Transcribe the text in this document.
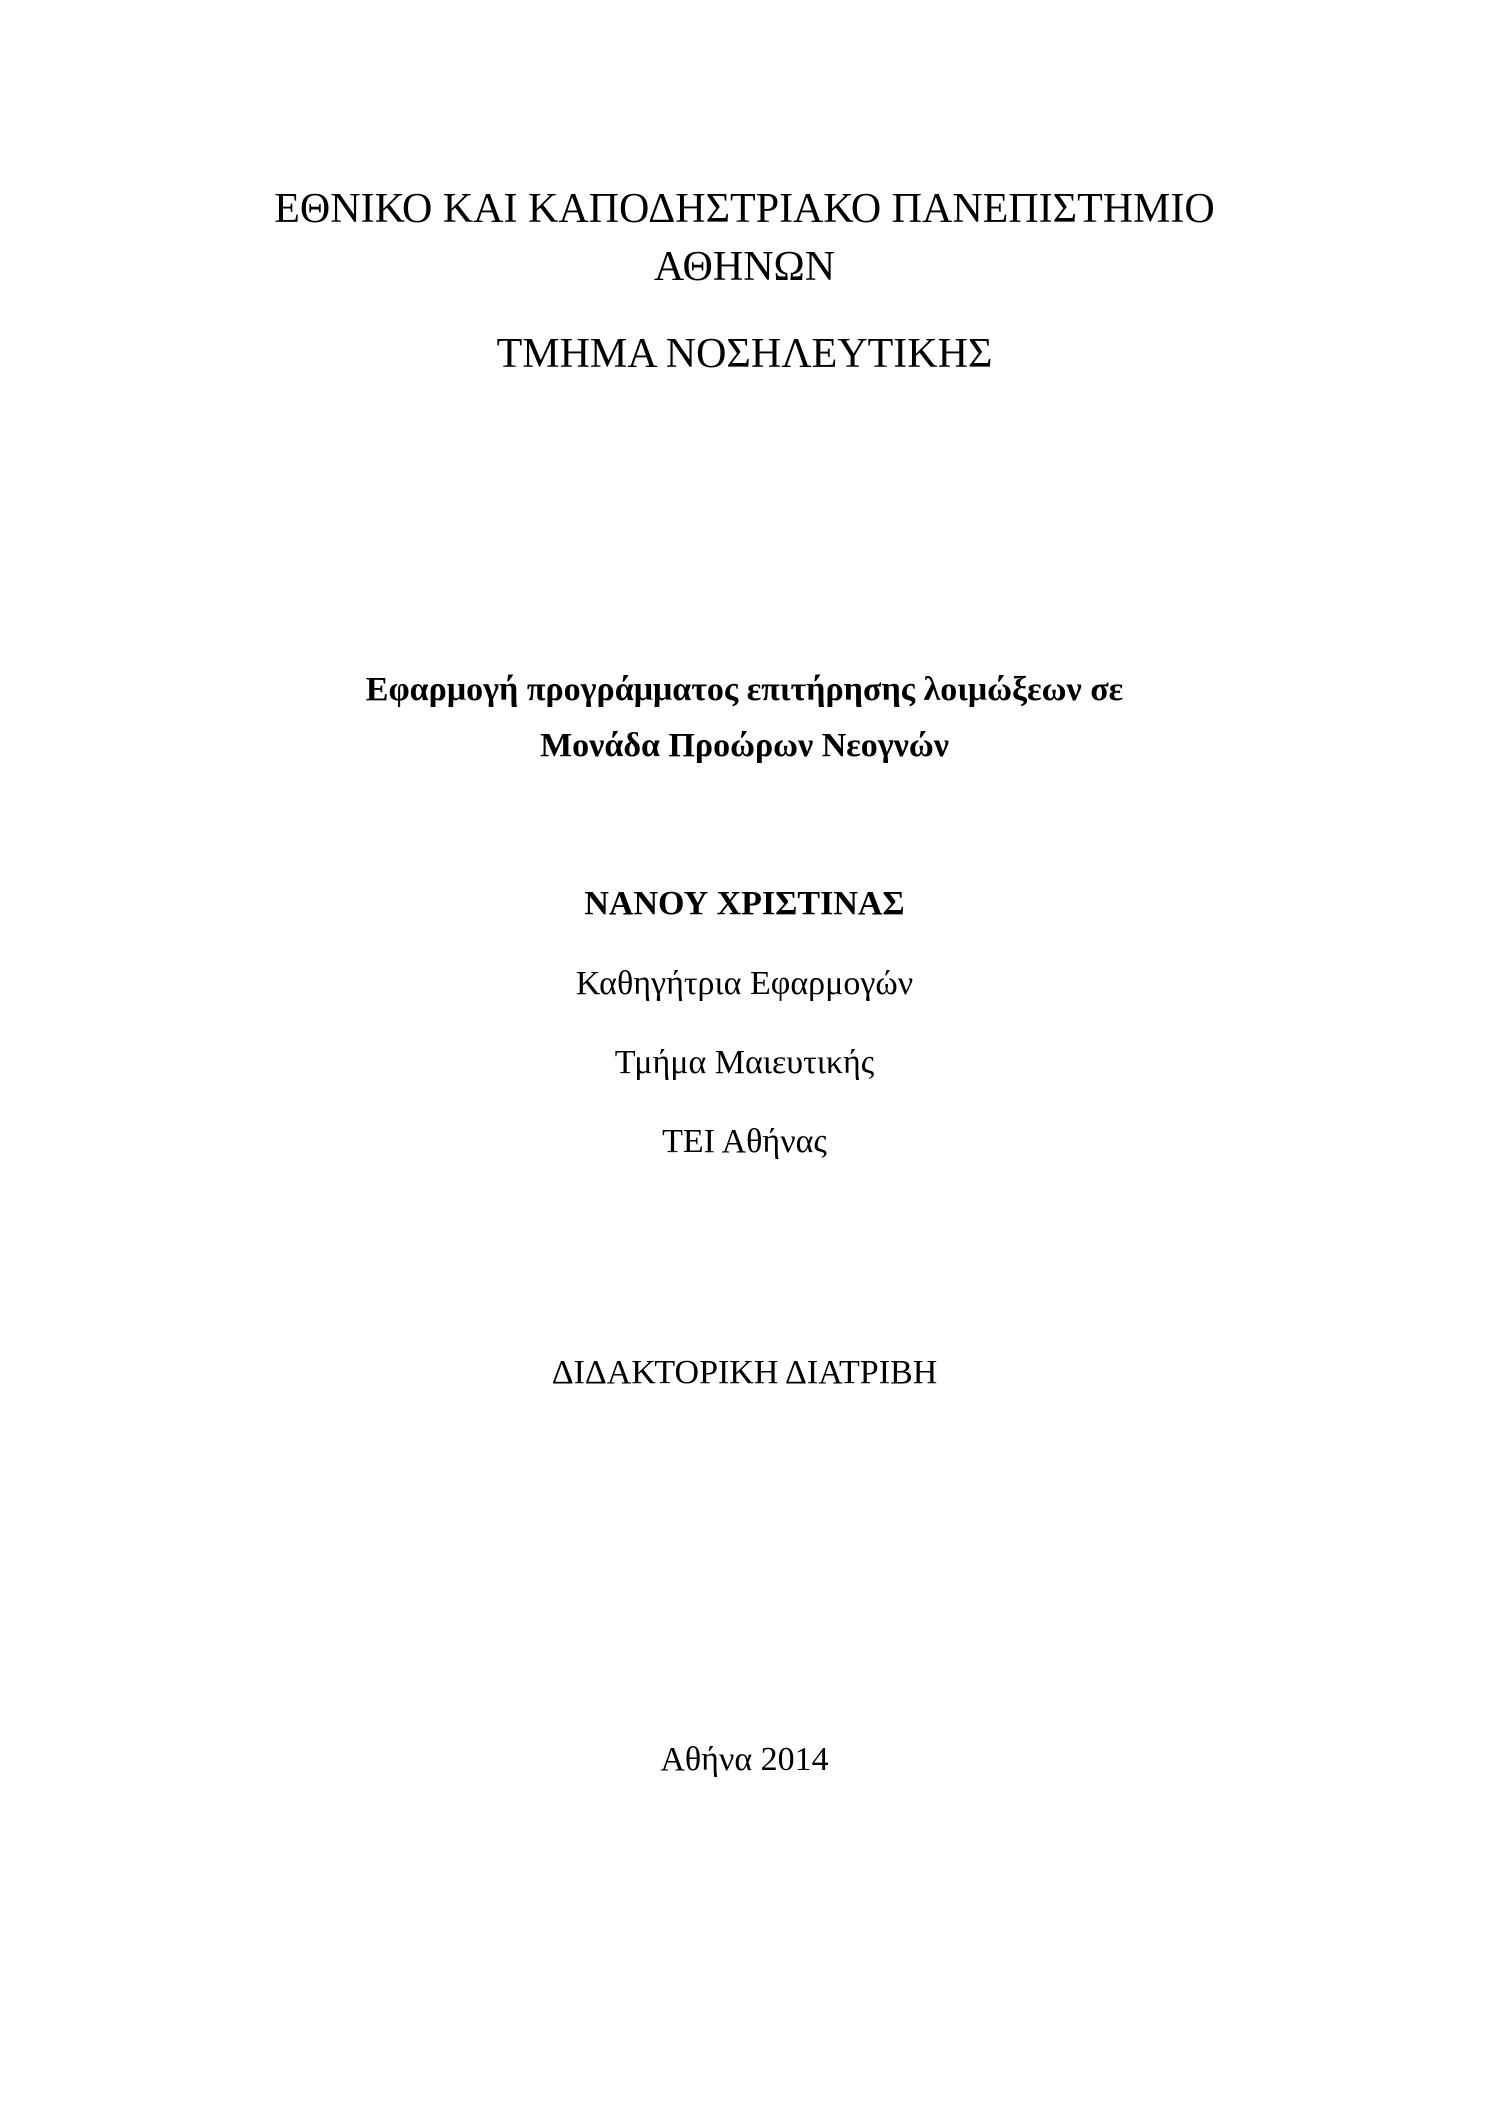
ΕΘΝΙΚΟ ΚΑΙ ΚΑΠΟΔΗΣΤΡΙΑΚΟ ΠΑΝΕΠΙΣΤΗΜΙΟ
ΑΘΗΝΩΝ
ΤΜΗΜΑ ΝΟΣΗΛΕΥΤΙΚΗΣ
Εφαρμογή προγράμματος επιτήρησης λοιμώξεων σε
Μονάδα Προώρων Νεογνών
ΝΑΝΟΥ ΧΡΙΣΤΙΝΑΣ
Καθηγήτρια Εφαρμογών
Τμήμα Μαιευτικής
ΤΕΙ Αθήνας
ΔΙΔΑΚΤΟΡΙΚΗ ΔΙΑΤΡΙΒΗ
Αθήνα 2014
